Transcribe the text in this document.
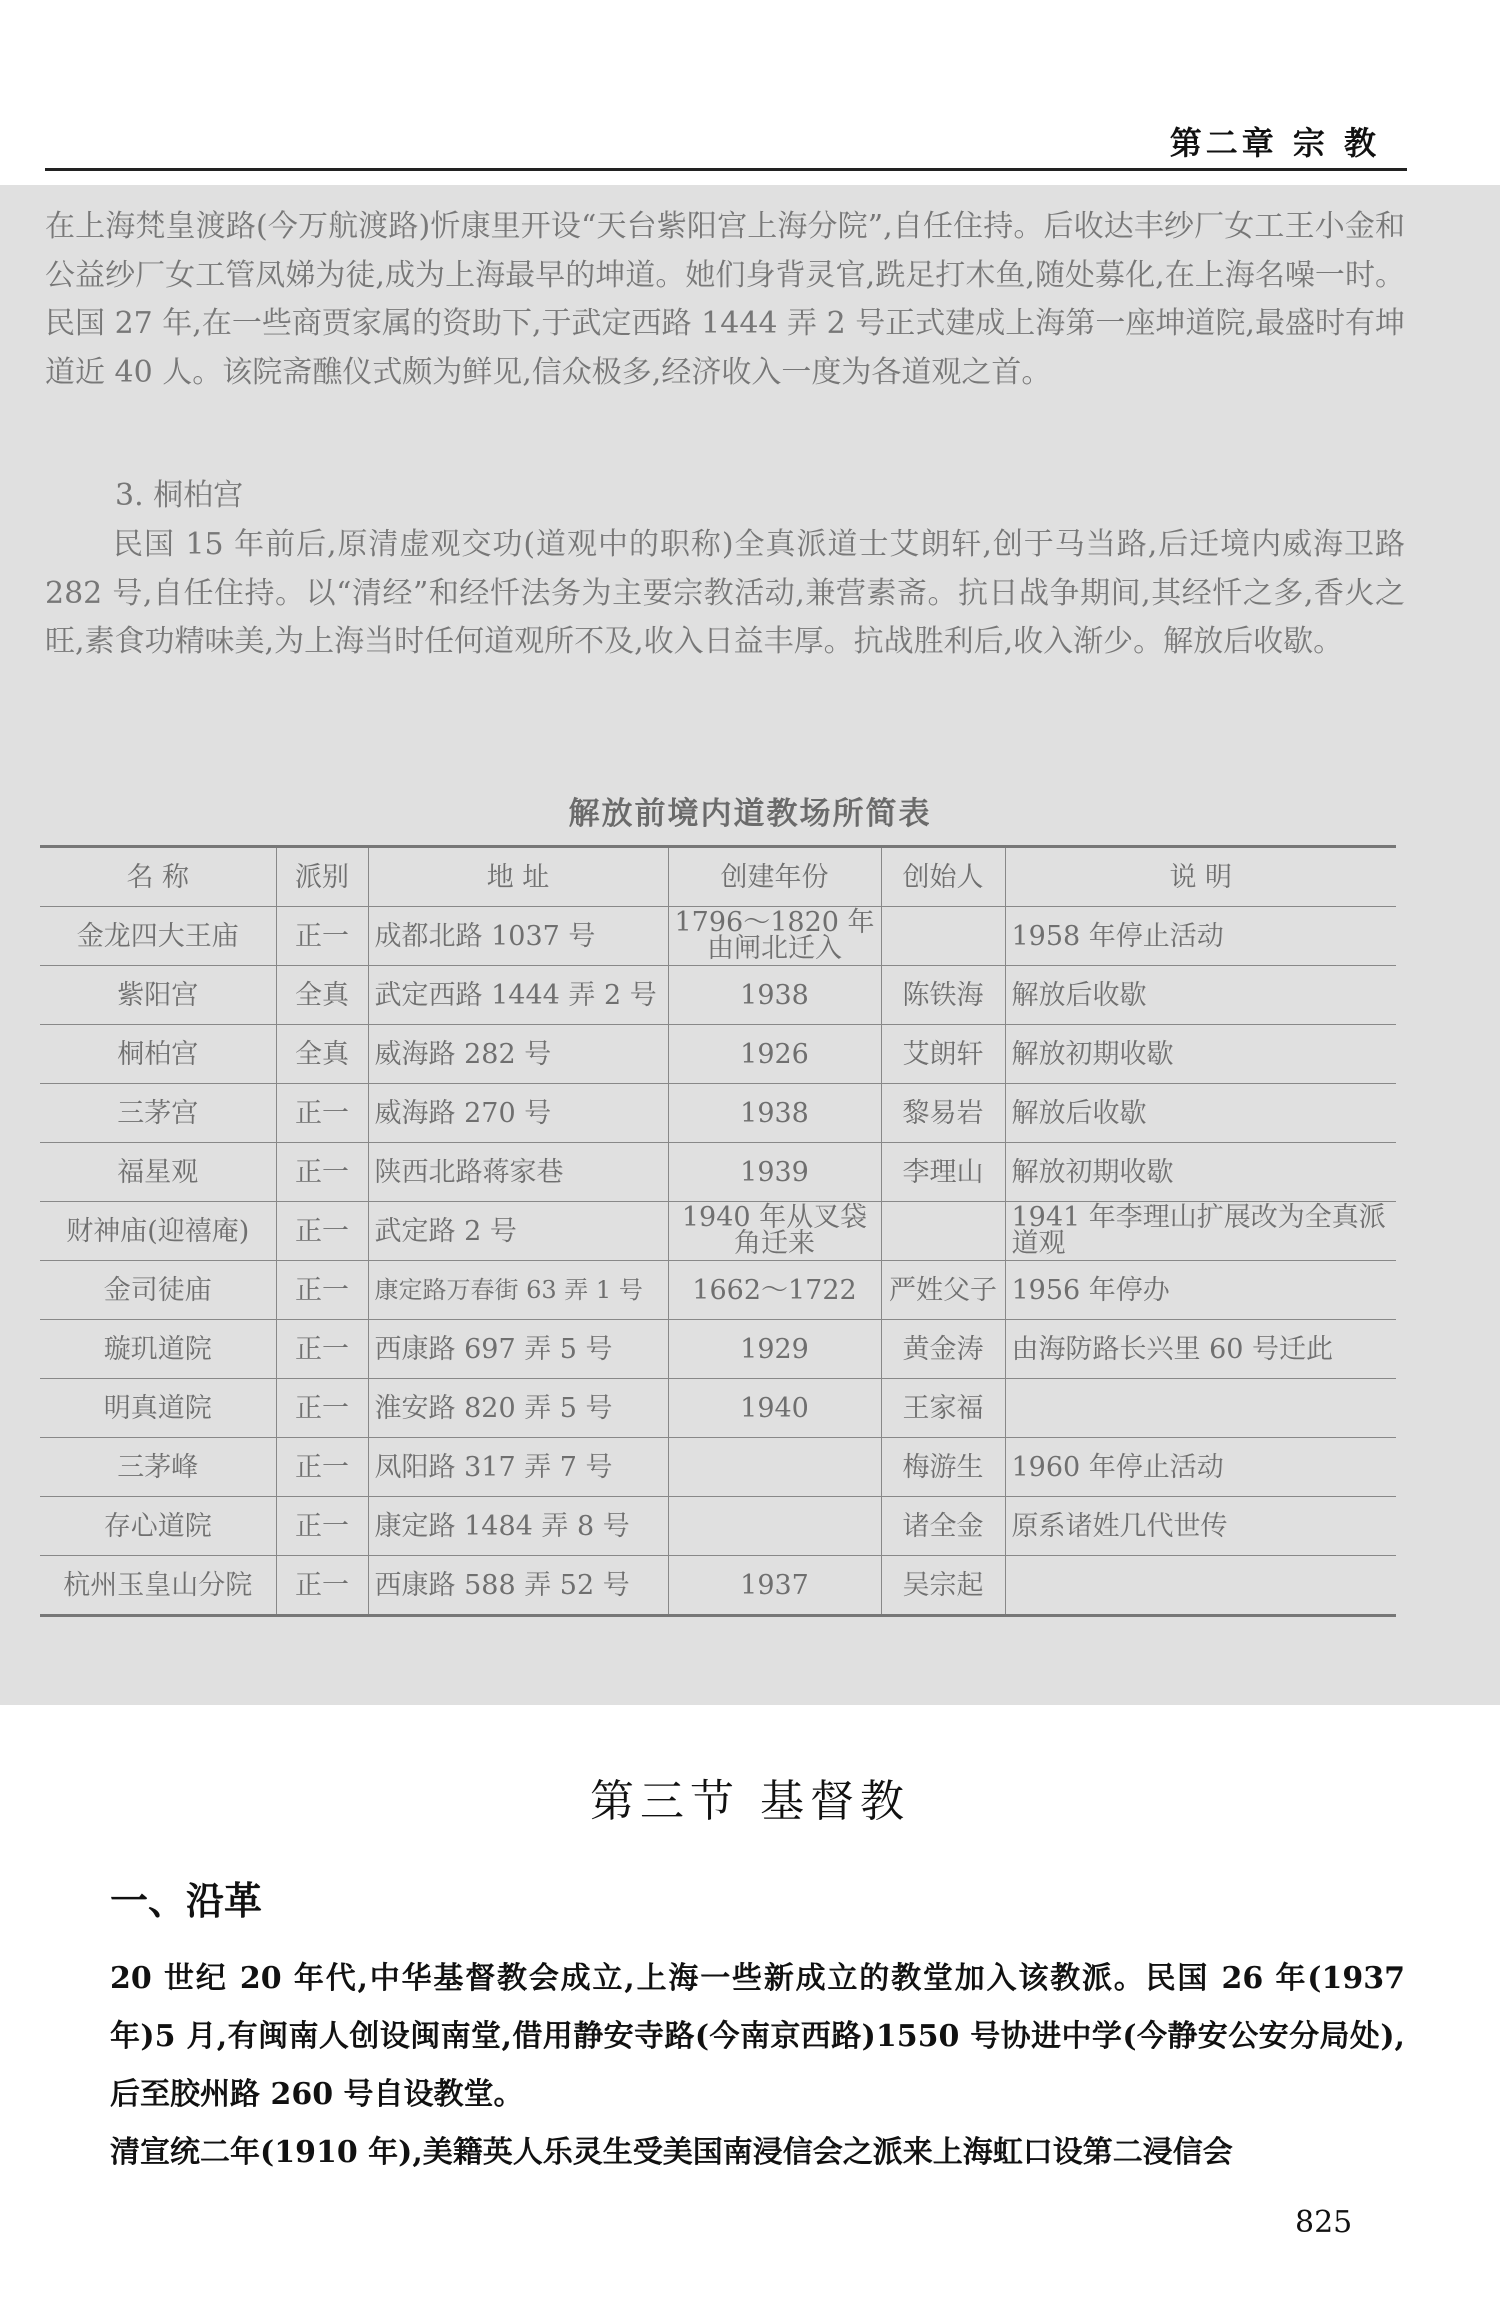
第二章 宗 教

在上海梵皇渡路(今万航渡路)忻康里开设“天台紫阳宫上海分院”,自任住持。后收达丰纱厂女工王小金和公益纱厂女工管凤娣为徒,成为上海最早的坤道。她们身背灵官,跣足打木鱼,随处募化,在上海名噪一时。民国 27 年,在一些商贾家属的资助下,于武定西路 1444 弄 2 号正式建成上海第一座坤道院,最盛时有坤道近 40 人。该院斋醮仪式颇为鲜见,信众极多,经济收入一度为各道观之首。

3. 桐柏宫

民国 15 年前后,原清虚观交功(道观中的职称)全真派道士艾朗轩,创于马当路,后迁境内威海卫路 282 号,自任住持。以“清经”和经忏法务为主要宗教活动,兼营素斋。抗日战争期间,其经忏之多,香火之旺,素食功精味美,为上海当时任何道观所不及,收入日益丰厚。抗战胜利后,收入渐少。解放后收歇。

解放前境内道教场所简表
名 称	派别	地 址	创建年份	创始人	说 明
金龙四大王庙	正一	成都北路 1037 号	1796～1820 年由闸北迁入		1958 年停止活动
紫阳宫	全真	武定西路 1444 弄 2 号	1938	陈铁海	解放后收歇
桐柏宫	全真	威海路 282 号	1926	艾朗轩	解放初期收歇
三茅宫	正一	威海路 270 号	1938	黎易岩	解放后收歇
福星观	正一	陕西北路蒋家巷	1939	李理山	解放初期收歇
财神庙(迎禧庵)	正一	武定路 2 号	1940 年从叉袋角迁来		1941 年李理山扩展改为全真派道观
金司徒庙	正一	康定路万春街 63 弄 1 号	1662～1722	严姓父子	1956 年停办
璇玑道院	正一	西康路 697 弄 5 号	1929	黄金涛	由海防路长兴里 60 号迁此
明真道院	正一	淮安路 820 弄 5 号	1940	王家福	
三茅峰	正一	凤阳路 317 弄 7 号		梅游生	1960 年停止活动
存心道院	正一	康定路 1484 弄 8 号		诸全金	原系诸姓几代世传
杭州玉皇山分院	正一	西康路 588 弄 52 号	1937	吴宗起	
第三节 基督教
一、沿革

20 世纪 20 年代,中华基督教会成立,上海一些新成立的教堂加入该教派。民国 26 年(1937 年)5 月,有闽南人创设闽南堂,借用静安寺路(今南京西路)1550 号协进中学(今静安公安分局处),后至胶州路 260 号自设教堂。

清宣统二年(1910 年),美籍英人乐灵生受美国南浸信会之派来上海虹口设第二浸信会

825
